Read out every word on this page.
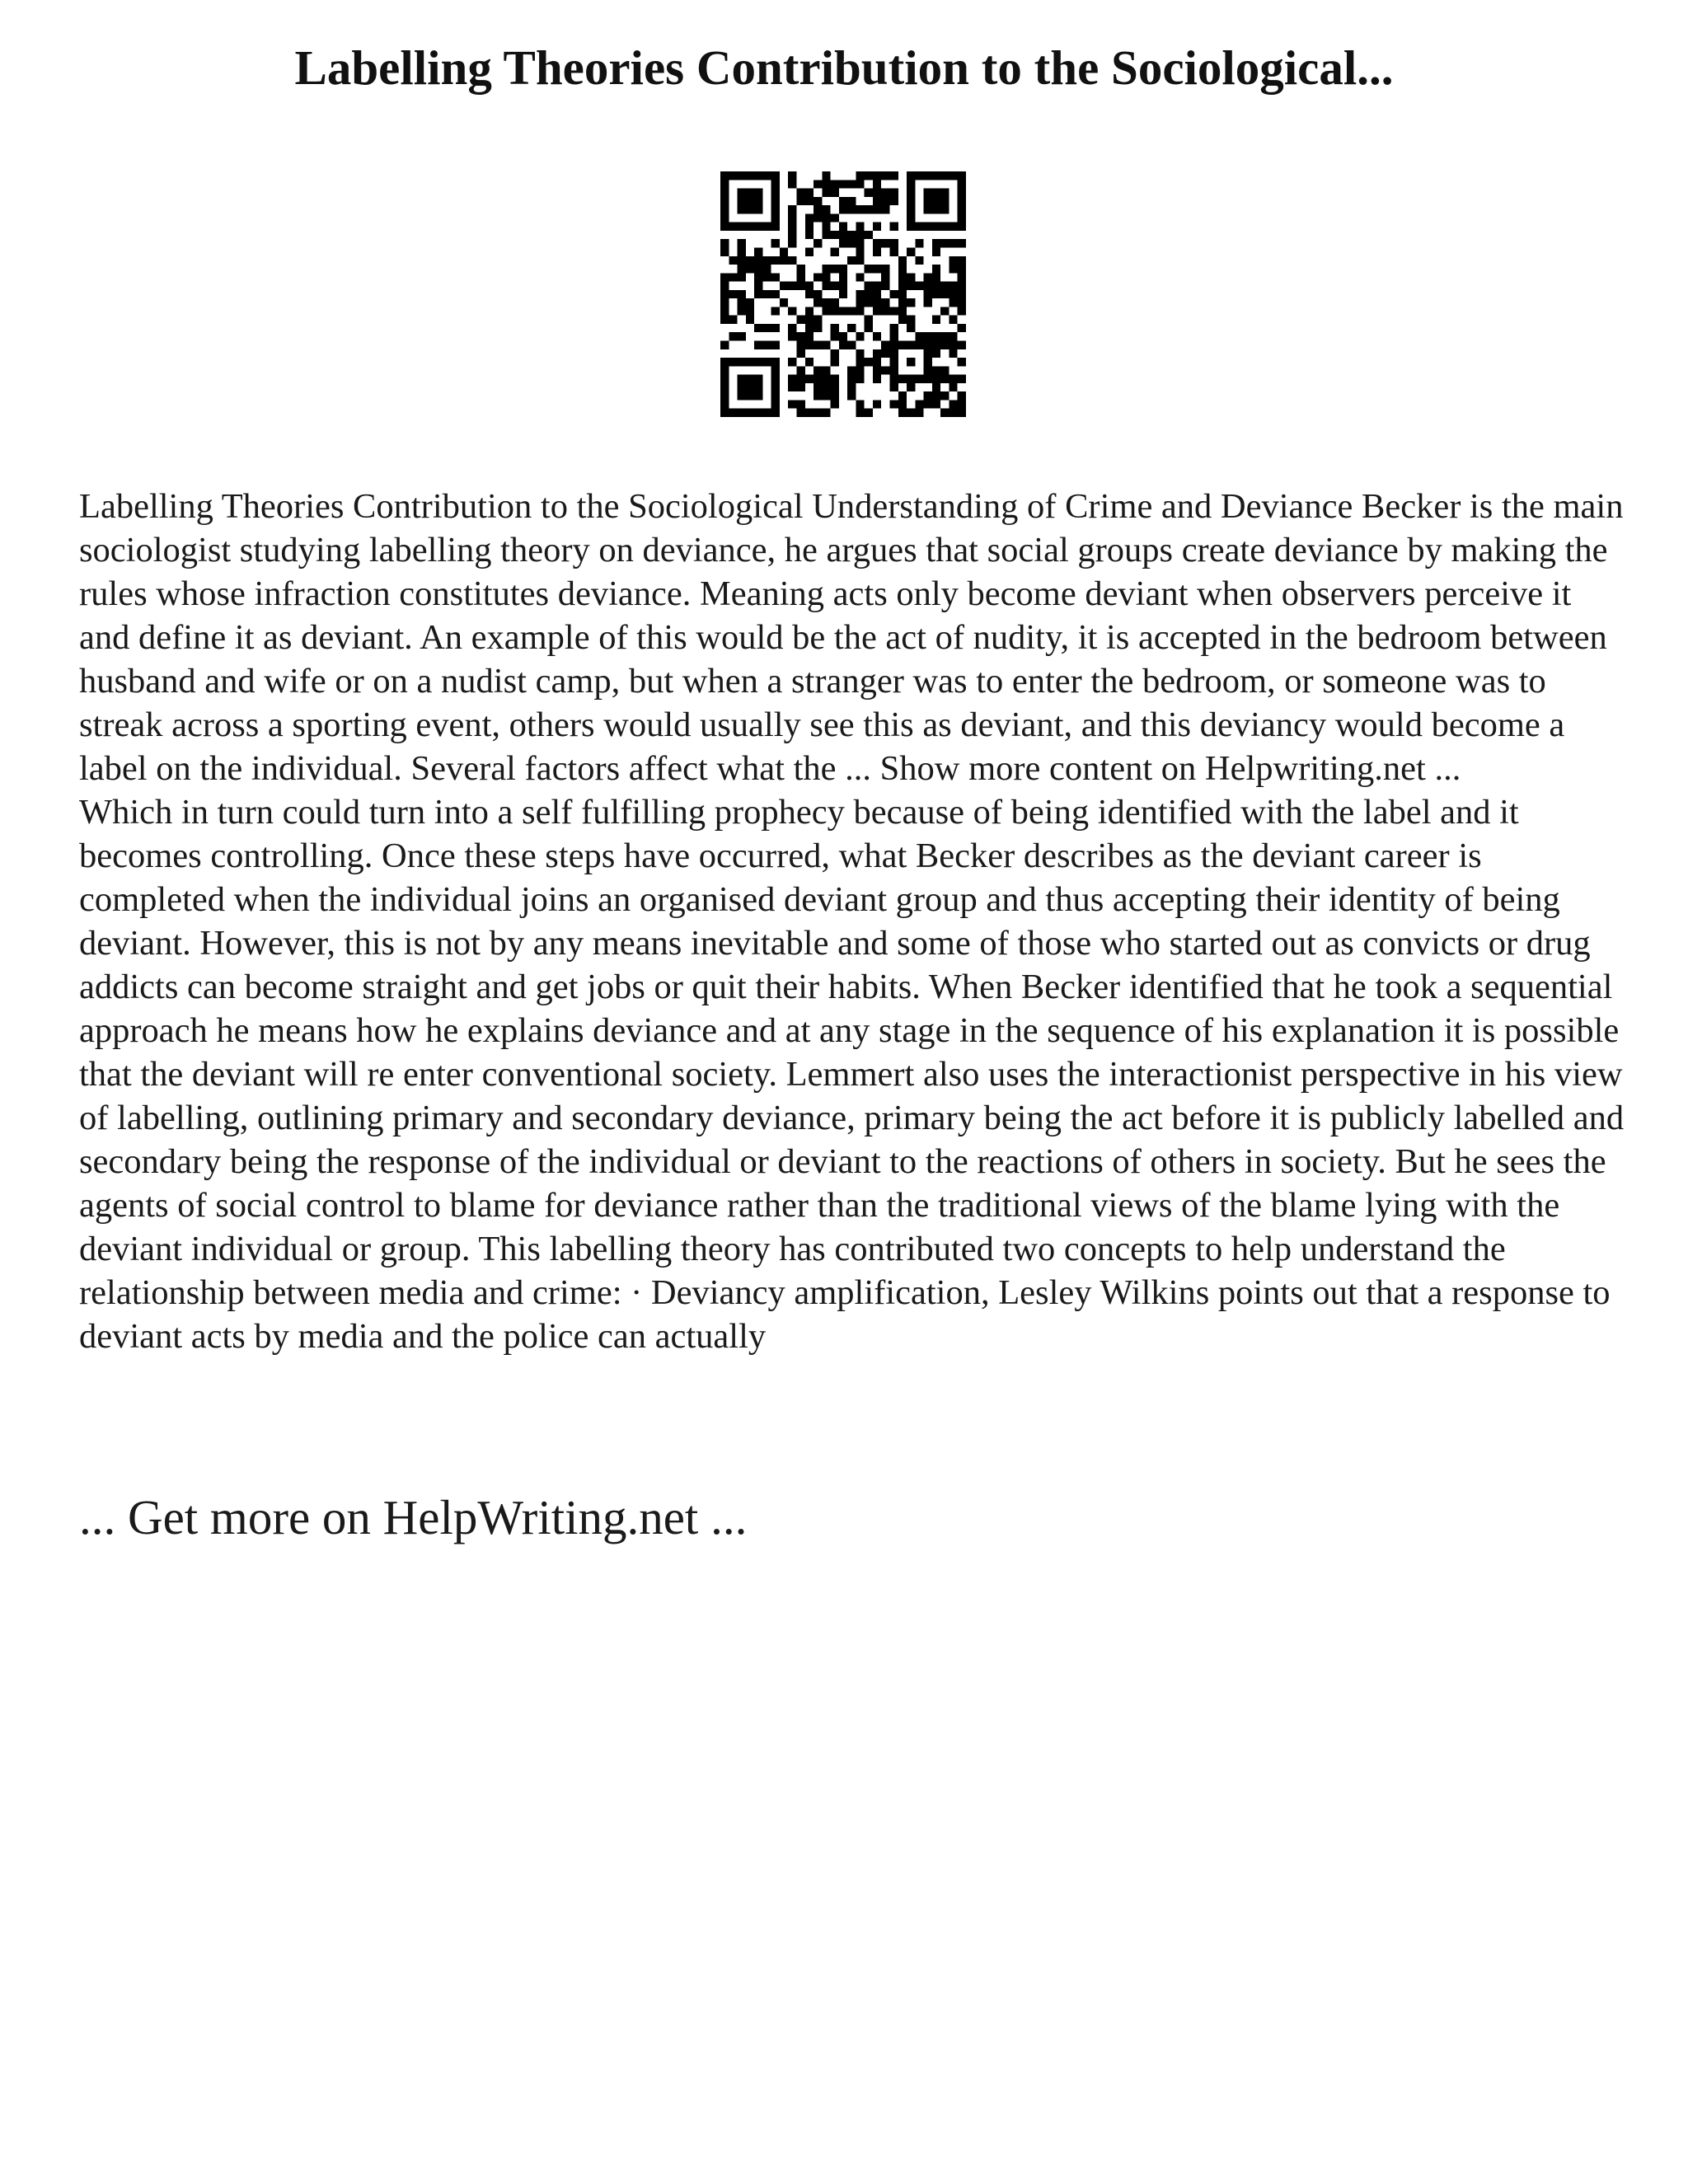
Labelling Theories Contribution to the Sociological...

Labelling Theories Contribution to the Sociological Understanding of Crime and Deviance Becker is the main sociologist studying labelling theory on deviance, he argues that social groups create deviance by making the rules whose infraction constitutes deviance. Meaning acts only become deviant when observers perceive it and define it as deviant. An example of this would be the act of nudity, it is accepted in the bedroom between husband and wife or on a nudist camp, but when a stranger was to enter the bedroom, or someone was to streak across a sporting event, others would usually see this as deviant, and this deviancy would become a label on the individual. Several factors affect what the ... Show more content on Helpwriting.net ...

Which in turn could turn into a self fulfilling prophecy because of being identified with the label and it becomes controlling. Once these steps have occurred, what Becker describes as the deviant career is completed when the individual joins an organised deviant group and thus accepting their identity of being deviant. However, this is not by any means inevitable and some of those who started out as convicts or drug addicts can become straight and get jobs or quit their habits. When Becker identified that he took a sequential approach he means how he explains deviance and at any stage in the sequence of his explanation it is possible that the deviant will re enter conventional society. Lemmert also uses the interactionist perspective in his view of labelling, outlining primary and secondary deviance, primary being the act before it is publicly labelled and secondary being the response of the individual or deviant to the reactions of others in society. But he sees the agents of social control to blame for deviance rather than the traditional views of the blame lying with the deviant individual or group. This labelling theory has contributed two concepts to help understand the relationship between media and crime: · Deviancy amplification, Lesley Wilkins points out that a response to deviant acts by media and the police can actually

... Get more on HelpWriting.net ...
